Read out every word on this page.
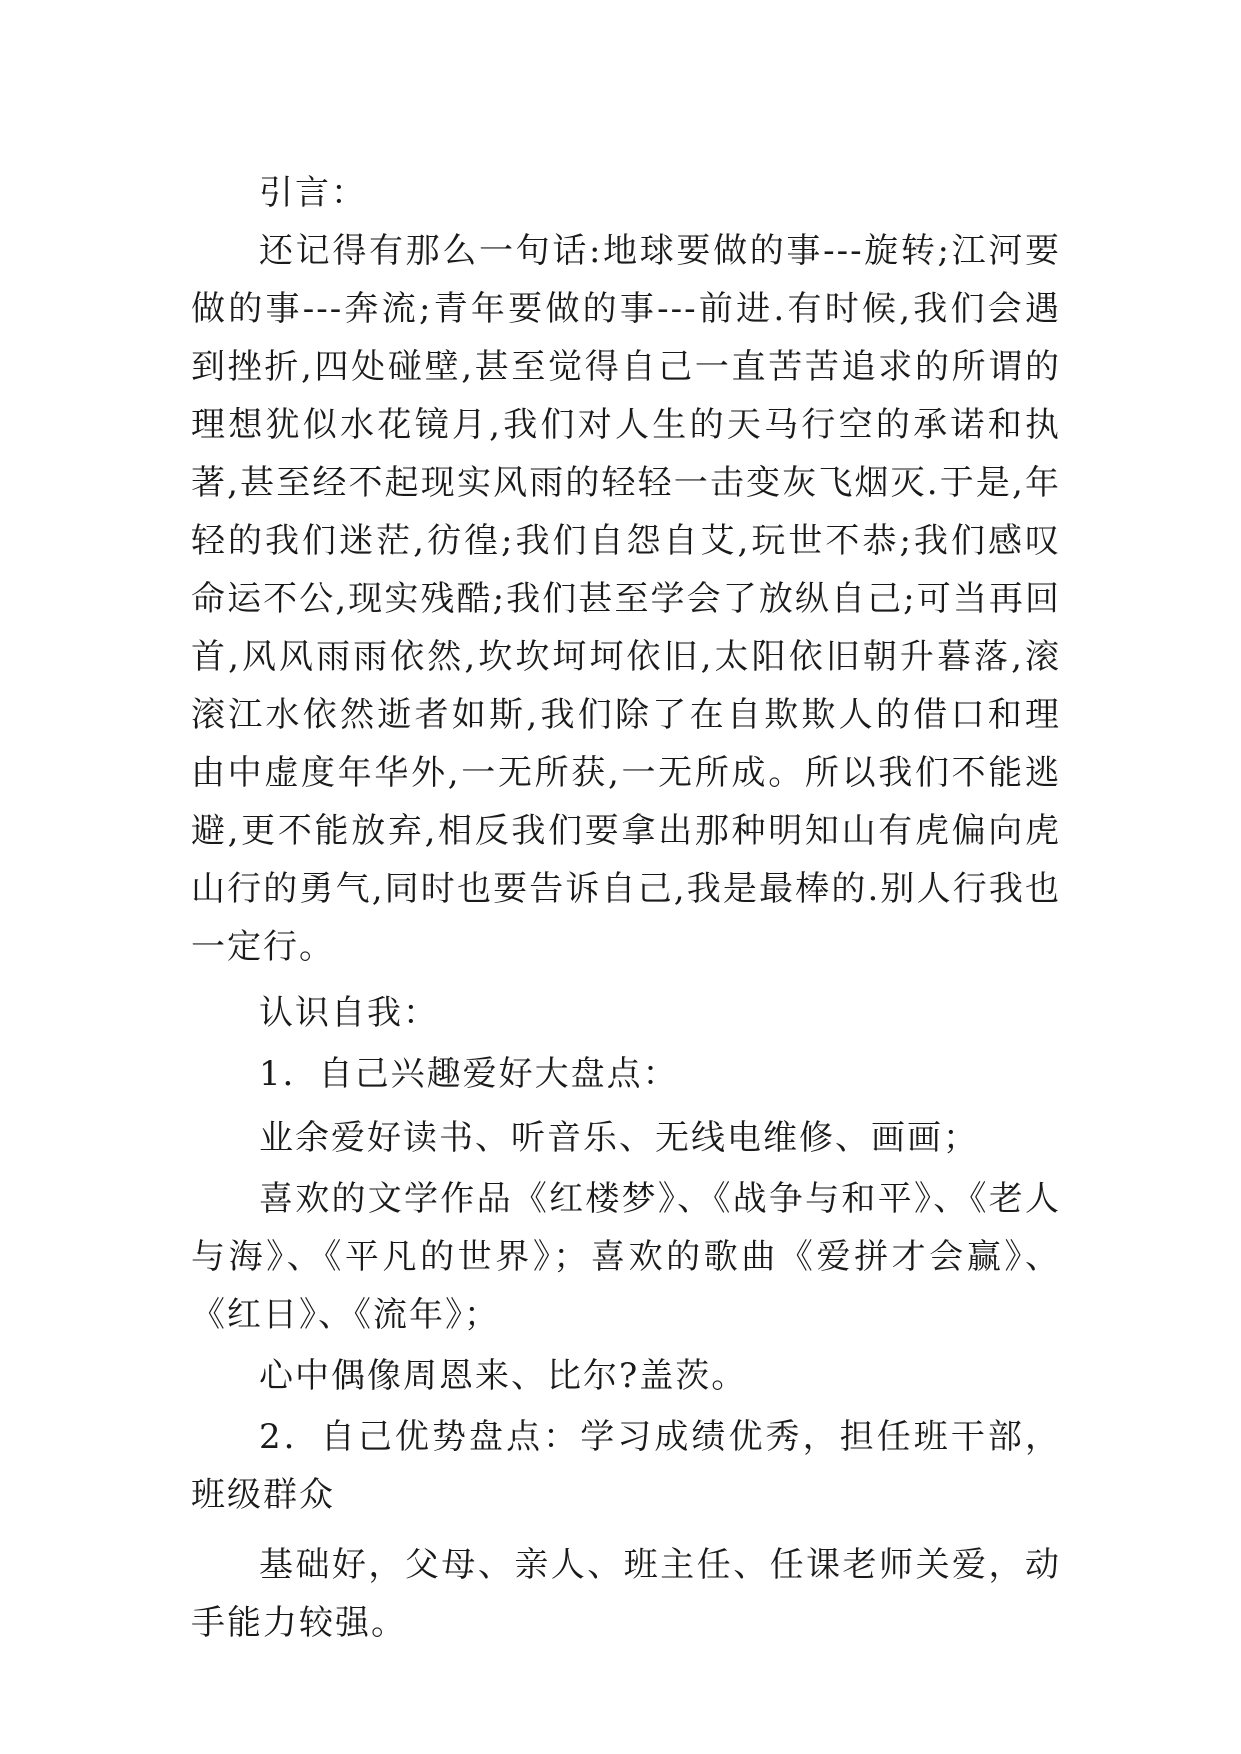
引言：

还记得有那么一句话:地球要做的事---旋转;江河要做的事---奔流;青年要做的事---前进.有时候,我们会遇到挫折,四处碰壁,甚至觉得自己一直苦苦追求的所谓的理想犹似水花镜月,我们对人生的天马行空的承诺和执著,甚至经不起现实风雨的轻轻一击变灰飞烟灭.于是,年轻的我们迷茫,彷徨;我们自怨自艾,玩世不恭;我们感叹命运不公,现实残酷;我们甚至学会了放纵自己;可当再回首,风风雨雨依然,坎坎坷坷依旧,太阳依旧朝升暮落,滚滚江水依然逝者如斯,我们除了在自欺欺人的借口和理由中虚度年华外,一无所获,一无所成。所以我们不能逃避,更不能放弃,相反我们要拿出那种明知山有虎偏向虎山行的勇气,同时也要告诉自己,我是最棒的.别人行我也一定行。

认识自我：

1．自己兴趣爱好大盘点：

业余爱好读书、听音乐、无线电维修、画画；

喜欢的文学作品《红楼梦》、《战争与和平》、《老人与海》、《平凡的世界》；喜欢的歌曲《爱拼才会赢》、《红日》、《流年》；

心中偶像周恩来、比尔?盖茨。

2．自己优势盘点：学习成绩优秀，担任班干部，班级群众

基础好，父母、亲人、班主任、任课老师关爱，动手能力较强。
